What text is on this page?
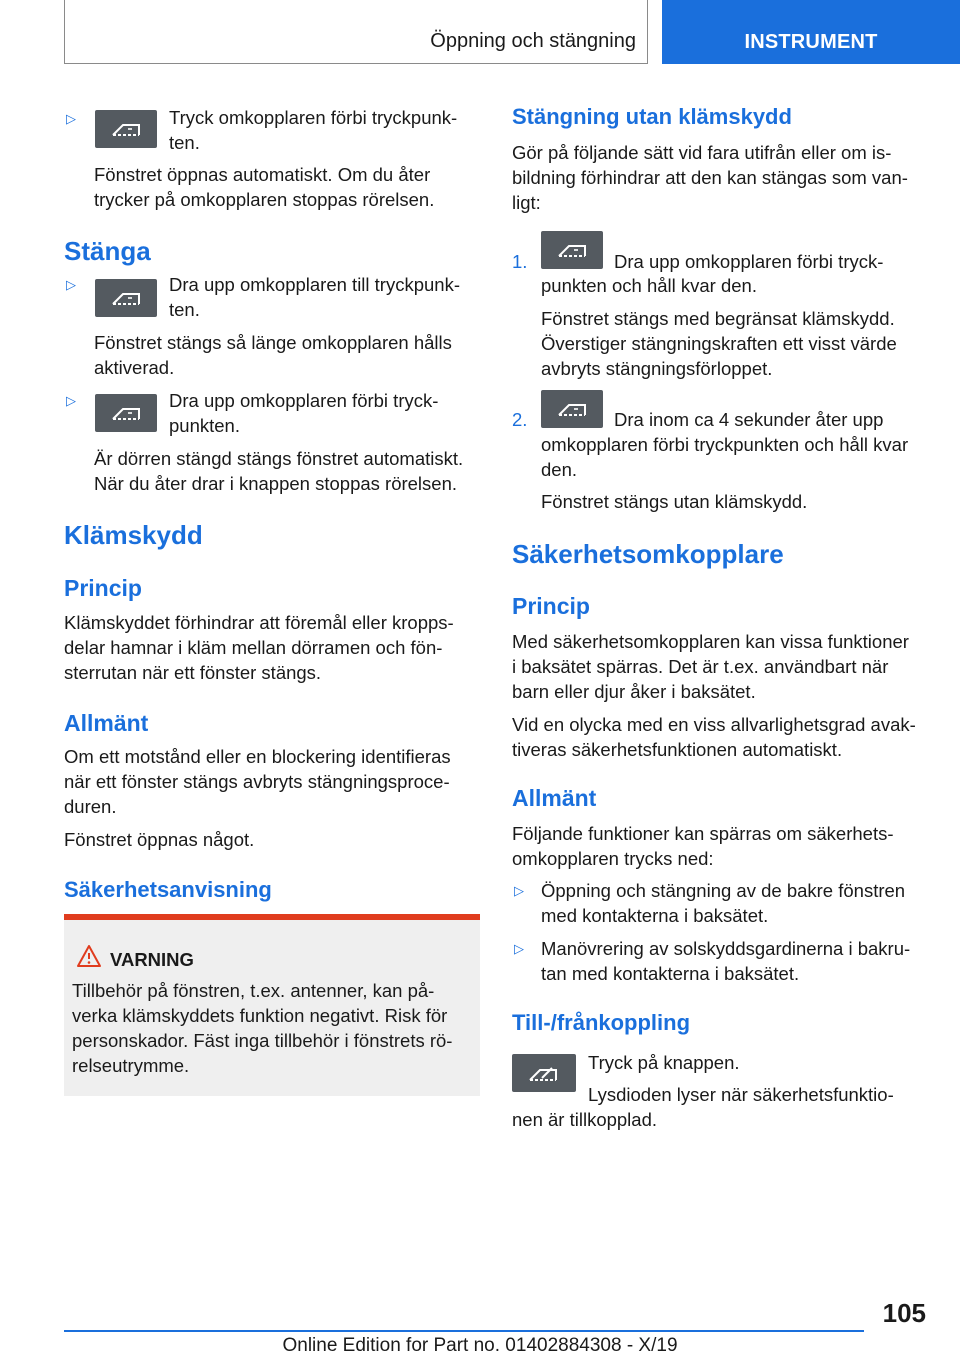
Öppning och stängning	INSTRUMENT
▷	Tryck omkopplaren förbi tryckpunk-
ten.
Fönstret öppnas automatiskt. Om du åter
trycker på omkopplaren stoppas rörelsen.
Stänga
▷	Dra upp omkopplaren till tryckpunk-
ten.
Fönstret stängs så länge omkopplaren hålls
aktiverad.
▷	Dra upp omkopplaren förbi tryck-
punkten.
Är dörren stängd stängs fönstret automatiskt.
När du åter drar i knappen stoppas rörelsen.
Klämskydd
Princip
Klämskyddet förhindrar att föremål eller kropps-
delar hamnar i kläm mellan dörramen och fön-
sterrutan när ett fönster stängs.
Allmänt
Om ett motstånd eller en blockering identifieras
när ett fönster stängs avbryts stängningsproce-
duren.
Fönstret öppnas något.
Säkerhetsanvisning
VARNING
Tillbehör på fönstren, t.ex. antenner, kan på-
verka klämskyddets funktion negativt. Risk för
personskador. Fäst inga tillbehör i fönstrets rö-
relseutrymme.
Stängning utan klämskydd
Gör på följande sätt vid fara utifrån eller om is-
bildning förhindrar att den kan stängas som van-
ligt:
1.	Dra upp omkopplaren förbi tryck-
punkten och håll kvar den.
Fönstret stängs med begränsat klämskydd.
Överstiger stängningskraften ett visst värde
avbryts stängningsförloppet.
2.	Dra inom ca 4 sekunder åter upp
omkopplaren förbi tryckpunkten och håll kvar
den.
Fönstret stängs utan klämskydd.
Säkerhetsomkopplare
Princip
Med säkerhetsomkopplaren kan vissa funktioner
i baksätet spärras. Det är t.ex. användbart när
barn eller djur åker i baksätet.
Vid en olycka med en viss allvarlighetsgrad avak-
tiveras säkerhetsfunktionen automatiskt.
Allmänt
Följande funktioner kan spärras om säkerhets-
omkopplaren trycks ned:
▷ Öppning och stängning av de bakre fönstren
med kontakterna i baksätet.
▷ Manövrering av solskyddsgardinerna i bakru-
tan med kontakterna i baksätet.
Till-/frånkoppling
Tryck på knappen.
Lysdioden lyser när säkerhetsfunktio-
nen är tillkopplad.
105
Online Edition for Part no. 01402884308 - X/19
